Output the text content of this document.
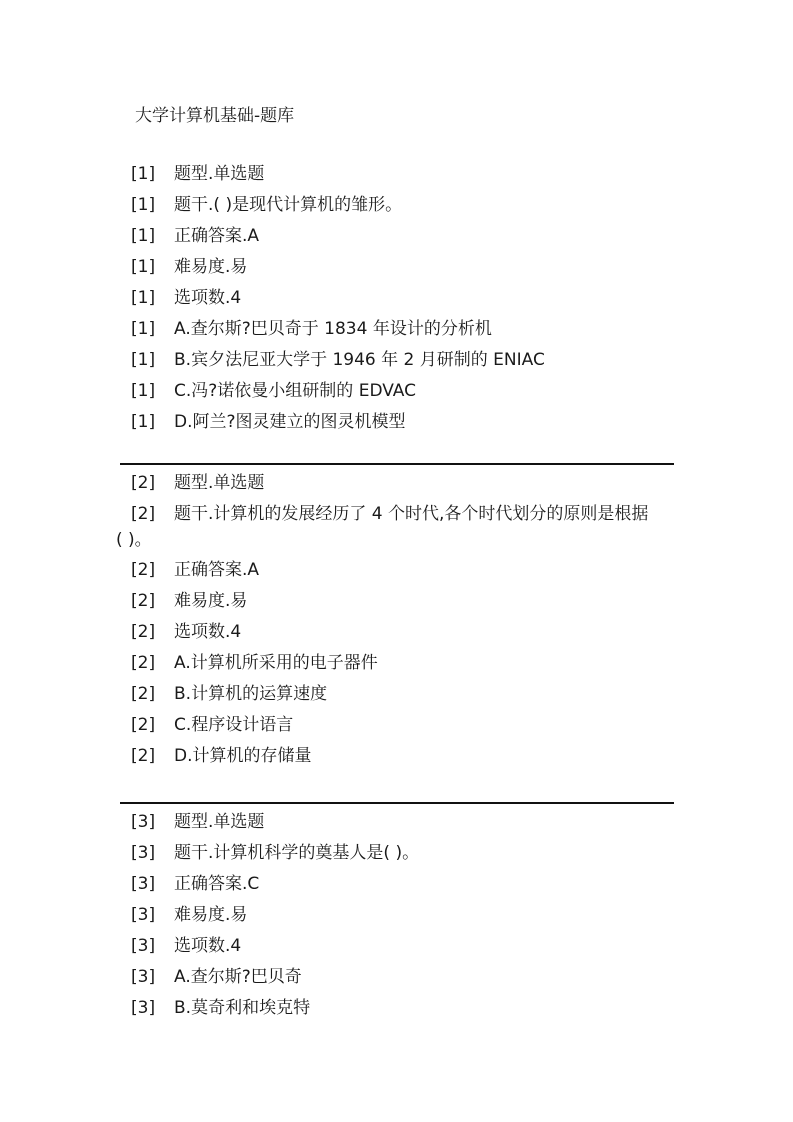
大学计算机基础-题库
[1] 题型.单选题
[1] 题干.( )是现代计算机的雏形。
[1] 正确答案.A
[1] 难易度.易
[1] 选项数.4
[1] A.查尔斯?巴贝奇于 1834 年设计的分析机
[1] B.宾夕法尼亚大学于 1946 年 2 月研制的 ENIAC
[1] C.冯?诺依曼小组研制的 EDVAC
[1] D.阿兰?图灵建立的图灵机模型
[2] 题型.单选题
[2] 题干.计算机的发展经历了 4 个时代,各个时代划分的原则是根据
( )。
[2] 正确答案.A
[2] 难易度.易
[2] 选项数.4
[2] A.计算机所采用的电子器件
[2] B.计算机的运算速度
[2] C.程序设计语言
[2] D.计算机的存储量
[3] 题型.单选题
[3] 题干.计算机科学的奠基人是( )。
[3] 正确答案.C
[3] 难易度.易
[3] 选项数.4
[3] A.查尔斯?巴贝奇
[3] B.莫奇利和埃克特
